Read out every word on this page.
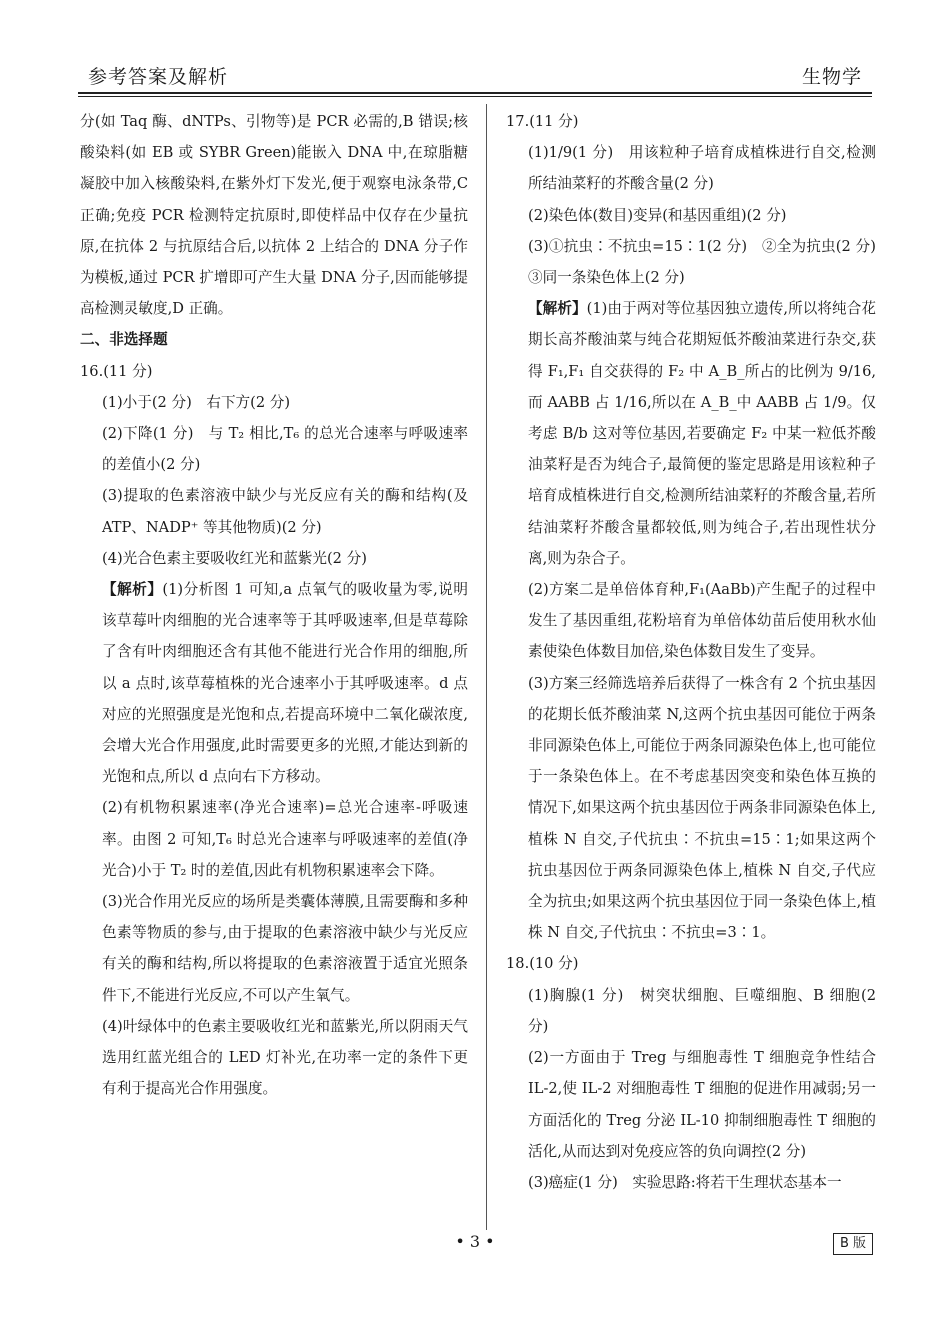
参考答案及解析	生物学

分(如 Taq 酶、dNTPs、引物等)是 PCR 必需的,B 错误;核酸染料(如 EB 或 SYBR Green)能嵌入 DNA 中,在琼脂糖凝胶中加入核酸染料,在紫外灯下发光,便于观察电泳条带,C 正确;免疫 PCR 检测特定抗原时,即使样品中仅存在少量抗原,在抗体 2 与抗原结合后,以抗体 2 上结合的 DNA 分子作为模板,通过 PCR 扩增即可产生大量 DNA 分子,因而能够提高检测灵敏度,D 正确。

二、非选择题

16.(11 分)

(1)小于(2 分)　右下方(2 分)

(2)下降(1 分)　与 T₂ 相比,T₆ 的总光合速率与呼吸速率的差值小(2 分)

(3)提取的色素溶液中缺少与光反应有关的酶和结构(及 ATP、NADP⁺ 等其他物质)(2 分)

(4)光合色素主要吸收红光和蓝紫光(2 分)

【解析】(1)分析图 1 可知,a 点氧气的吸收量为零,说明该草莓叶肉细胞的光合速率等于其呼吸速率,但是草莓除了含有叶肉细胞还含有其他不能进行光合作用的细胞,所以 a 点时,该草莓植株的光合速率小于其呼吸速率。d 点对应的光照强度是光饱和点,若提高环境中二氧化碳浓度,会增大光合作用强度,此时需要更多的光照,才能达到新的光饱和点,所以 d 点向右下方移动。

(2)有机物积累速率(净光合速率)=总光合速率-呼吸速率。由图 2 可知,T₆ 时总光合速率与呼吸速率的差值(净光合)小于 T₂ 时的差值,因此有机物积累速率会下降。

(3)光合作用光反应的场所是类囊体薄膜,且需要酶和多种色素等物质的参与,由于提取的色素溶液中缺少与光反应有关的酶和结构,所以将提取的色素溶液置于适宜光照条件下,不能进行光反应,不可以产生氧气。

(4)叶绿体中的色素主要吸收红光和蓝紫光,所以阴雨天气选用红蓝光组合的 LED 灯补光,在功率一定的条件下更有利于提高光合作用强度。

17.(11 分)

(1)1/9(1 分)　用该粒种子培育成植株进行自交,检测所结油菜籽的芥酸含量(2 分)

(2)染色体(数目)变异(和基因重组)(2 分)

(3)①抗虫∶不抗虫=15∶1(2 分)　②全为抗虫(2 分)　③同一条染色体上(2 分)

【解析】(1)由于两对等位基因独立遗传,所以将纯合花期长高芥酸油菜与纯合花期短低芥酸油菜进行杂交,获得 F₁,F₁ 自交获得的 F₂ 中 A_B_所占的比例为 9/16,而 AABB 占 1/16,所以在 A_B_中 AABB 占 1/9。仅考虑 B/b 这对等位基因,若要确定 F₂ 中某一粒低芥酸油菜籽是否为纯合子,最简便的鉴定思路是用该粒种子培育成植株进行自交,检测所结油菜籽的芥酸含量,若所结油菜籽芥酸含量都较低,则为纯合子,若出现性状分离,则为杂合子。

(2)方案二是单倍体育种,F₁(AaBb)产生配子的过程中发生了基因重组,花粉培育为单倍体幼苗后使用秋水仙素使染色体数目加倍,染色体数目发生了变异。

(3)方案三经筛选培养后获得了一株含有 2 个抗虫基因的花期长低芥酸油菜 N,这两个抗虫基因可能位于两条非同源染色体上,可能位于两条同源染色体上,也可能位于一条染色体上。在不考虑基因突变和染色体互换的情况下,如果这两个抗虫基因位于两条非同源染色体上,植株 N 自交,子代抗虫∶不抗虫=15∶1;如果这两个抗虫基因位于两条同源染色体上,植株 N 自交,子代应全为抗虫;如果这两个抗虫基因位于同一条染色体上,植株 N 自交,子代抗虫∶不抗虫=3∶1。

18.(10 分)

(1)胸腺(1 分)　树突状细胞、巨噬细胞、B 细胞(2 分)

(2)一方面由于 Treg 与细胞毒性 T 细胞竞争性结合 IL-2,使 IL-2 对细胞毒性 T 细胞的促进作用减弱;另一方面活化的 Treg 分泌 IL-10 抑制细胞毒性 T 细胞的活化,从而达到对免疫应答的负向调控(2 分)

(3)癌症(1 分)　实验思路:将若干生理状态基本一

• 3 •	B 版
